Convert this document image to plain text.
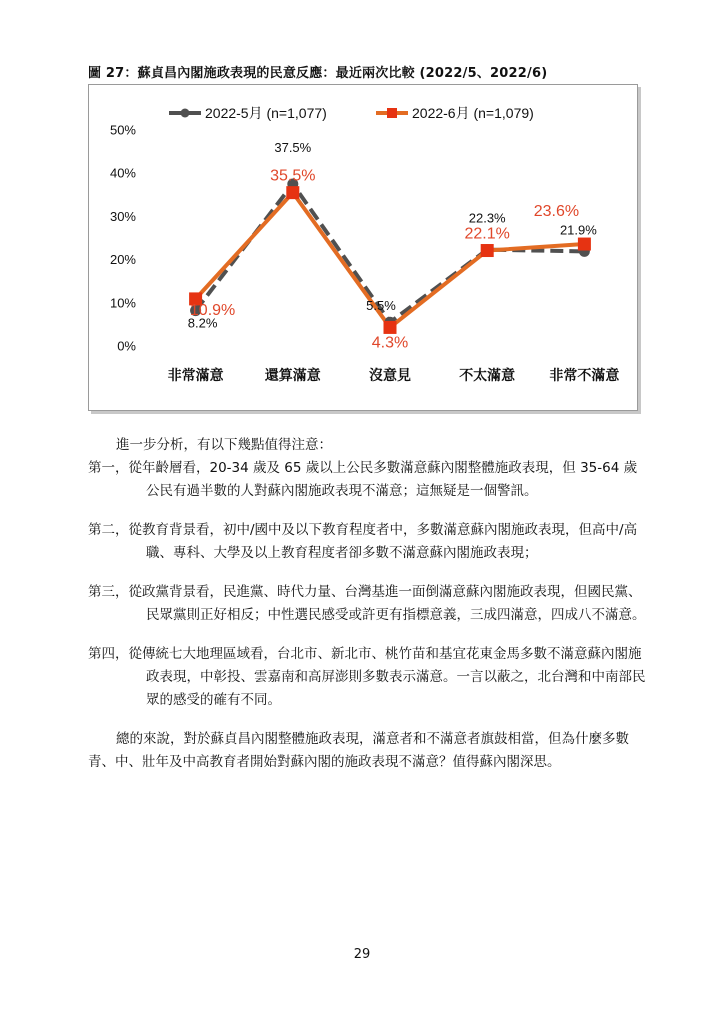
圖 27：蘇貞昌內閣施政表現的民意反應：最近兩次比較 (2022/5、2022/6)
0%
10%
20%
30%
40%
50%
非常滿意	還算滿意	沒意見	不太滿意 非常不滿意
2022-5月 (n=1,077)	2022-6月 (n=1,079)
8.2%
37.5%
5.5%
22.3%
21.9%
10.9%
35.5%
4.3%
22.1%
23.6%

進一步分析，有以下幾點值得注意：

第一，從年齡層看，20-34 歲及 65 歲以上公民多數滿意蘇內閣整體施政表現，但 35-64 歲公民有過半數的人對蘇內閣施政表現不滿意；這無疑是一個警訊。

第二，從教育背景看，初中/國中及以下教育程度者中，多數滿意蘇內閣施政表現，但高中/高職、專科、大學及以上教育程度者卻多數不滿意蘇內閣施政表現；

第三，從政黨背景看，民進黨、時代力量、台灣基進一面倒滿意蘇內閣施政表現，但國民黨、民眾黨則正好相反；中性選民感受或許更有指標意義，三成四滿意，四成八不滿意。

第四，從傳統七大地理區域看，台北市、新北市、桃竹苗和基宜花東金馬多數不滿意蘇內閣施政表現，中彰投、雲嘉南和高屏澎則多數表示滿意。一言以蔽之，北台灣和中南部民眾的感受的確有不同。

總的來說，對於蘇貞昌內閣整體施政表現，滿意者和不滿意者旗鼓相當，但為什麼多數青、中、壯年及中高教育者開始對蘇內閣的施政表現不滿意？值得蘇內閣深思。

29
